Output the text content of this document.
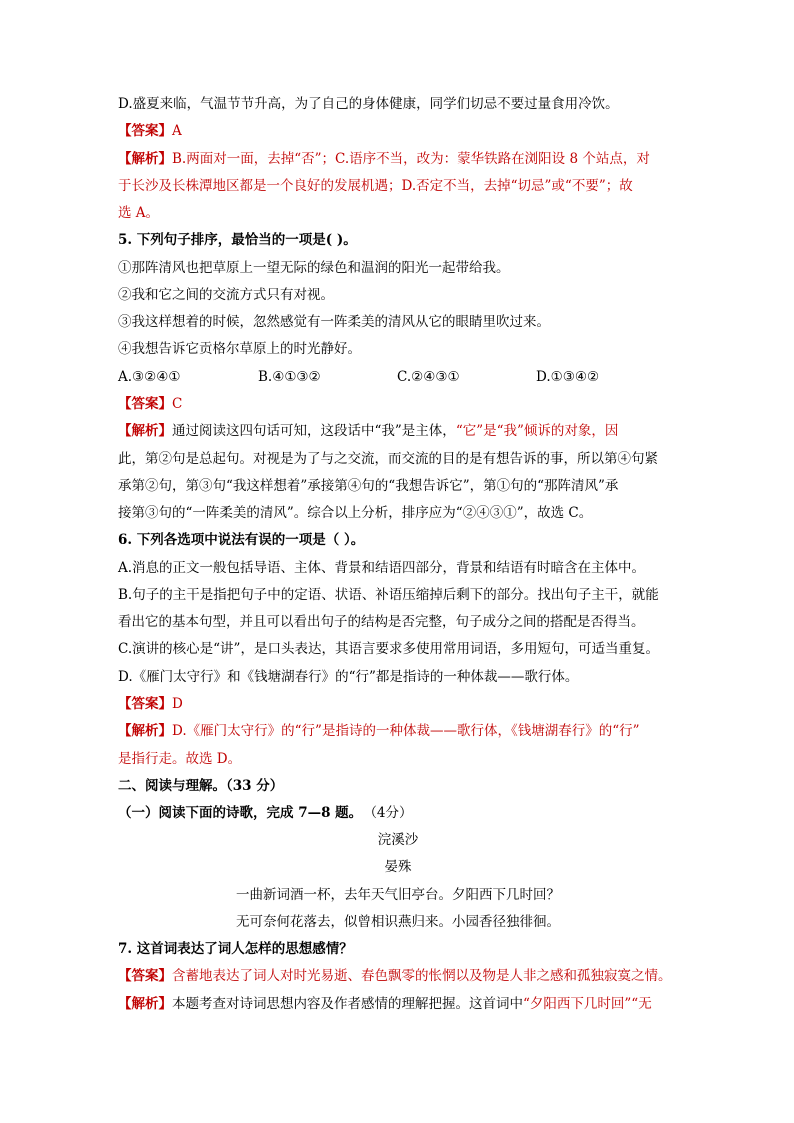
D.盛夏来临，气温节节升高，为了自己的身体健康，同学们切忌不要过量食用冷饮。
【答案】A
【解析】B.两面对一面，去掉“否”；C.语序不当，改为：蒙华铁路在浏阳设 8 个站点，对
于长沙及长株潭地区都是一个良好的发展机遇；D.否定不当，去掉“切忌”或“不要”；故
选 A。
5. 下列句子排序，最恰当的一项是( )。
①那阵清风也把草原上一望无际的绿色和温润的阳光一起带给我。
②我和它之间的交流方式只有对视。
③我这样想着的时候，忽然感觉有一阵柔美的清风从它的眼睛里吹过来。
④我想告诉它贡格尔草原上的时光静好。
A.③②④①	B.④①③②	C.②④③①	D.①③④②
【答案】C
【解析】通过阅读这四句话可知，这段话中“我”是主体，“它”是“我”倾诉的对象，因
此，第②句是总起句。对视是为了与之交流，而交流的目的是有想告诉的事，所以第④句紧
承第②句，第③句“我这样想着”承接第④句的“我想告诉它”，第①句的“那阵清风”承
接第③句的“一阵柔美的清风”。综合以上分析，排序应为“②④③①”，故选 C。
6. 下列各选项中说法有误的一项是（ ）。
A.消息的正文一般包括导语、主体、背景和结语四部分，背景和结语有时暗含在主体中。
B.句子的主干是指把句子中的定语、状语、补语压缩掉后剩下的部分。找出句子主干，就能
看出它的基本句型，并且可以看出句子的结构是否完整，句子成分之间的搭配是否得当。
C.演讲的核心是“讲”，是口头表达，其语言要求多使用常用词语，多用短句，可适当重复。
D.《雁门太守行》和《钱塘湖春行》的“行”都是指诗的一种体裁——歌行体。
【答案】D
【解析】D.《雁门太守行》的“行”是指诗的一种体裁——歌行体，《钱塘湖春行》的“行”
是指行走。故选 D。
二、阅读与理解。（33 分）
（一）阅读下面的诗歌，完成 7—8 题。 （4分）
浣溪沙
晏殊
一曲新词酒一杯，去年天气旧亭台。夕阳西下几时回？
无可奈何花落去，似曾相识燕归来。小园香径独徘徊。
7. 这首词表达了词人怎样的思想感情？
【答案】含蓄地表达了词人对时光易逝、春色飘零的怅惘以及物是人非之感和孤独寂寞之情。
【解析】本题考查对诗词思想内容及作者感情的理解把握。这首词中“夕阳西下几时回”“无
